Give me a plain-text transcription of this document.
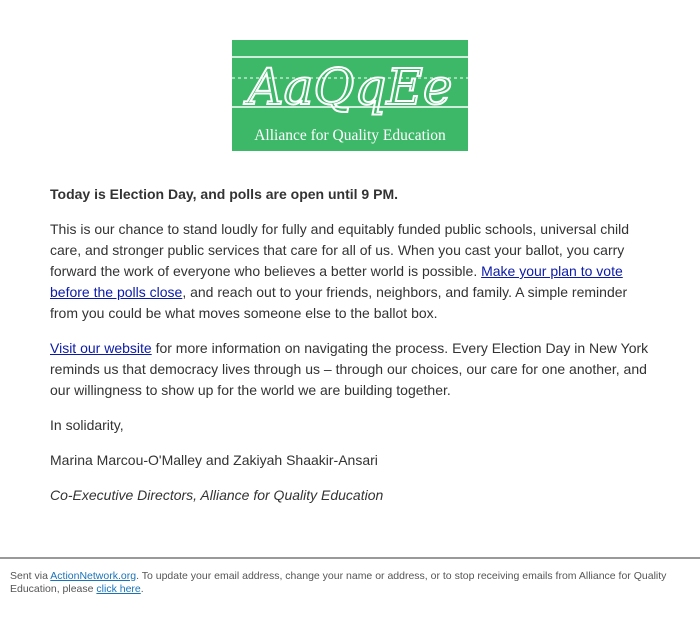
AaQqEe
Alliance for Quality Education

Today is Election Day, and polls are open until 9 PM.

This is our chance to stand loudly for fully and equitably funded public schools, universal child care, and stronger public services that care for all of us. When you cast your ballot, you carry forward the work of everyone who believes a better world is possible. Make your plan to vote before the polls close, and reach out to your friends, neighbors, and family. A simple reminder from you could be what moves someone else to the ballot box.

Visit our website for more information on navigating the process. Every Election Day in New York reminds us that democracy lives through us – through our choices, our care for one another, and our willingness to show up for the world we are building together.

In solidarity,

Marina Marcou-O'Malley and Zakiyah Shaakir-Ansari

Co-Executive Directors, Alliance for Quality Education

Sent via ActionNetwork.org. To update your email address, change your name or address, or to stop receiving emails from Alliance for Quality Education, please click here.
